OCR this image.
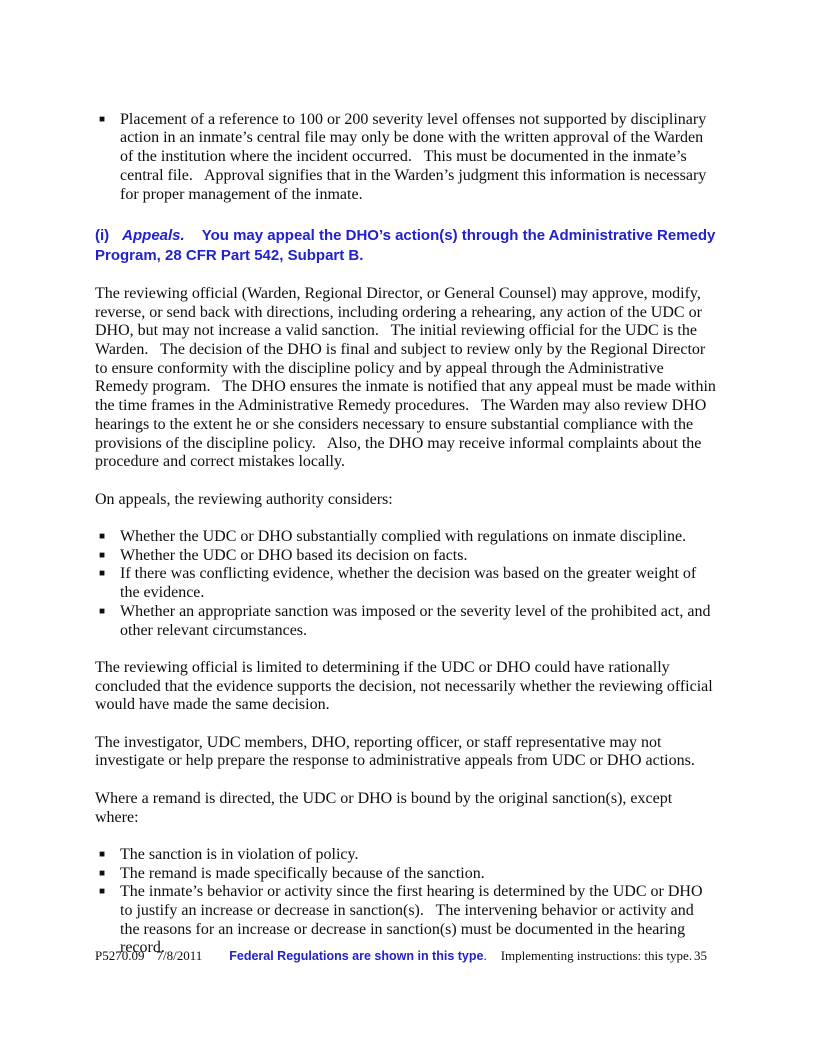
■ Placement of a reference to 100 or 200 severity level offenses not supported by disciplinary action in an inmate’s central file may only be done with the written approval of the Warden of the institution where the incident occurred.   This must be documented in the inmate’s central file.   Approval signifies that in the Warden’s judgment this information is necessary for proper management of the inmate.
(i) Appeals. You may appeal the DHO’s action(s) through the Administrative Remedy Program, 28 CFR Part 542, Subpart B.

The reviewing official (Warden, Regional Director, or General Counsel) may approve, modify, reverse, or send back with directions, including ordering a rehearing, any action of the UDC or DHO, but may not increase a valid sanction.   The initial reviewing official for the UDC is the Warden.   The decision of the DHO is final and subject to review only by the Regional Director to ensure conformity with the discipline policy and by appeal through the Administrative Remedy program.   The DHO ensures the inmate is notified that any appeal must be made within the time frames in the Administrative Remedy procedures.   The Warden may also review DHO hearings to the extent he or she considers necessary to ensure substantial compliance with the provisions of the discipline policy.   Also, the DHO may receive informal complaints about the procedure and correct mistakes locally.

On appeals, the reviewing authority considers:

■ Whether the UDC or DHO substantially complied with regulations on inmate discipline.
■ Whether the UDC or DHO based its decision on facts.
■ If there was conflicting evidence, whether the decision was based on the greater weight of the evidence.
■ Whether an appropriate sanction was imposed or the severity level of the prohibited act, and other relevant circumstances.

The reviewing official is limited to determining if the UDC or DHO could have rationally concluded that the evidence supports the decision, not necessarily whether the reviewing official would have made the same decision.

The investigator, UDC members, DHO, reporting officer, or staff representative may not investigate or help prepare the response to administrative appeals from UDC or DHO actions.

Where a remand is directed, the UDC or DHO is bound by the original sanction(s), except where:

■ The sanction is in violation of policy.
■ The remand is made specifically because of the sanction.
■ The inmate’s behavior or activity since the first hearing is determined by the UDC or DHO to justify an increase or decrease in sanction(s).   The intervening behavior or activity and the reasons for an increase or decrease in sanction(s) must be documented in the hearing record.
P5270.09 7/8/2011 Federal Regulations are shown in this type . Implementing instructions: this type. 35
